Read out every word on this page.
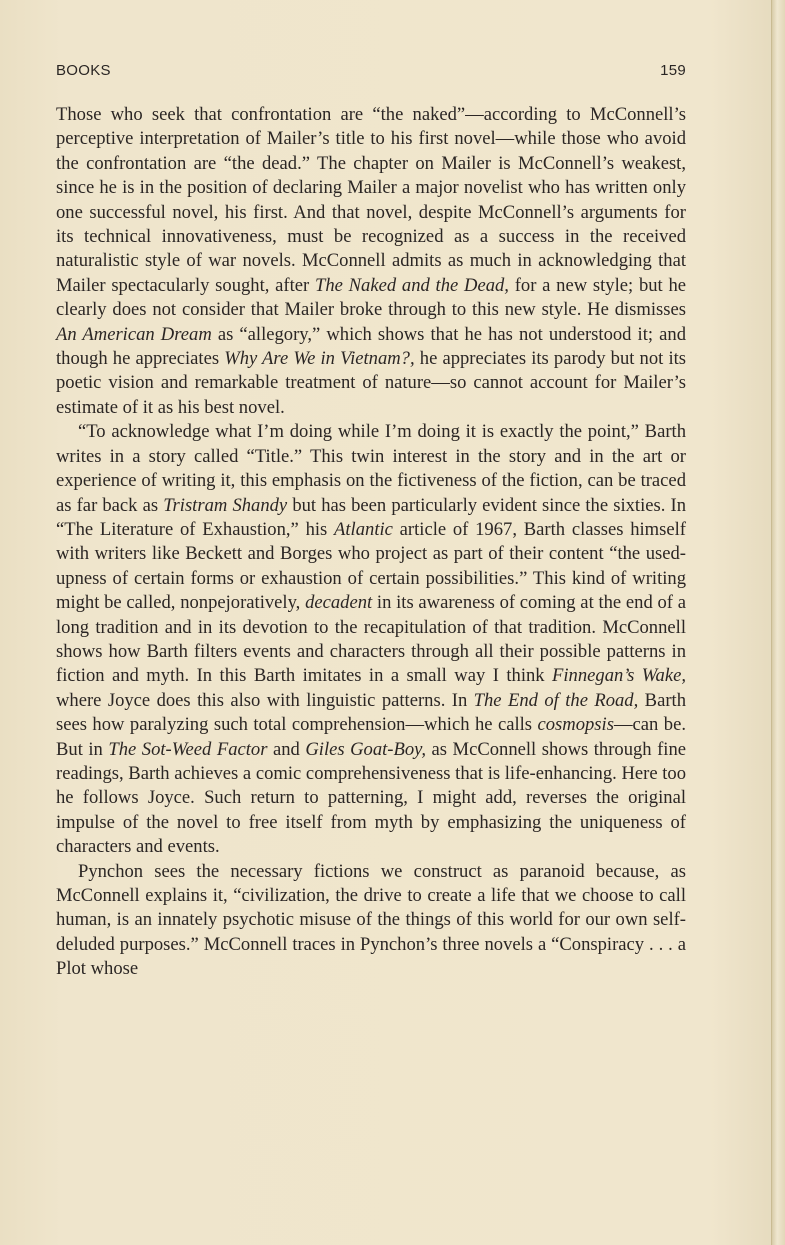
BOOKS	159

Those who seek that confrontation are “the naked”—according to McConnell’s perceptive interpretation of Mailer’s title to his first novel—while those who avoid the confrontation are “the dead.” The chapter on Mailer is McConnell’s weakest, since he is in the position of declaring Mailer a major novelist who has written only one successful novel, his first. And that novel, despite McConnell’s arguments for its technical innovativeness, must be recognized as a success in the received naturalistic style of war novels. McConnell admits as much in acknowledging that Mailer spectacularly sought, after The Naked and the Dead, for a new style; but he clearly does not consider that Mailer broke through to this new style. He dismisses An American Dream as “allegory,” which shows that he has not understood it; and though he appreciates Why Are We in Vietnam?, he appreciates its parody but not its poetic vision and remarkable treatment of nature—so cannot account for Mailer’s estimate of it as his best novel.

“To acknowledge what I’m doing while I’m doing it is exactly the point,” Barth writes in a story called “Title.” This twin interest in the story and in the art or experience of writing it, this emphasis on the fictiveness of the fiction, can be traced as far back as Tristram Shandy but has been particularly evident since the sixties. In “The Literature of Exhaustion,” his Atlantic article of 1967, Barth classes himself with writers like Beckett and Borges who project as part of their content “the used-upness of certain forms or exhaustion of certain possibilities.” This kind of writing might be called, nonpejoratively, decadent in its awareness of coming at the end of a long tradition and in its devotion to the recapitulation of that tradition. McConnell shows how Barth filters events and characters through all their possible patterns in fiction and myth. In this Barth imitates in a small way I think Finnegan’s Wake, where Joyce does this also with linguistic patterns. In The End of the Road, Barth sees how paralyzing such total comprehension—which he calls cosmopsis—can be. But in The Sot-Weed Factor and Giles Goat-Boy, as McConnell shows through fine readings, Barth achieves a comic comprehensiveness that is life-enhancing. Here too he follows Joyce. Such return to patterning, I might add, reverses the original impulse of the novel to free itself from myth by emphasizing the uniqueness of characters and events.

Pynchon sees the necessary fictions we construct as paranoid because, as McConnell explains it, “civilization, the drive to create a life that we choose to call human, is an innately psychotic misuse of the things of this world for our own self-deluded purposes.” McConnell traces in Pynchon’s three novels a “Conspiracy . . . a Plot whose
